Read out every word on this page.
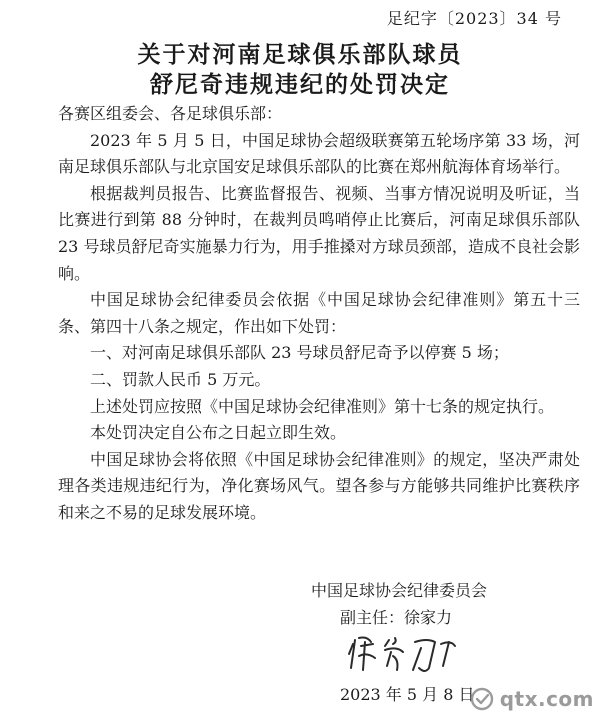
足纪字〔2023〕34 号
关于对河南足球俱乐部队球员
舒尼奇违规违纪的处罚决定

各赛区组委会、各足球俱乐部：

2023 年 5 月 5 日，中国足球协会超级联赛第五轮场序第 33 场，河南足球俱乐部队与北京国安足球俱乐部队的比赛在郑州航海体育场举行。

根据裁判员报告、比赛监督报告、视频、当事方情况说明及听证，当比赛进行到第 88 分钟时，在裁判员鸣哨停止比赛后，河南足球俱乐部队 23 号球员舒尼奇实施暴力行为，用手推搡对方球员颈部，造成不良社会影响。

中国足球协会纪律委员会依据《中国足球协会纪律准则》第五十三条、第四十八条之规定，作出如下处罚：

一、对河南足球俱乐部队 23 号球员舒尼奇予以停赛 5 场；

二、罚款人民币 5 万元。

上述处罚应按照《中国足球协会纪律准则》第十七条的规定执行。

本处罚决定自公布之日起立即生效。

中国足球协会将依照《中国足球协会纪律准则》的规定，坚决严肃处理各类违规违纪行为，净化赛场风气。望各参与方能够共同维护比赛秩序和来之不易的足球发展环境。

中国足球协会纪律委员会
副主任：徐家力
2023 年 5 月 8 日 qtx.com
